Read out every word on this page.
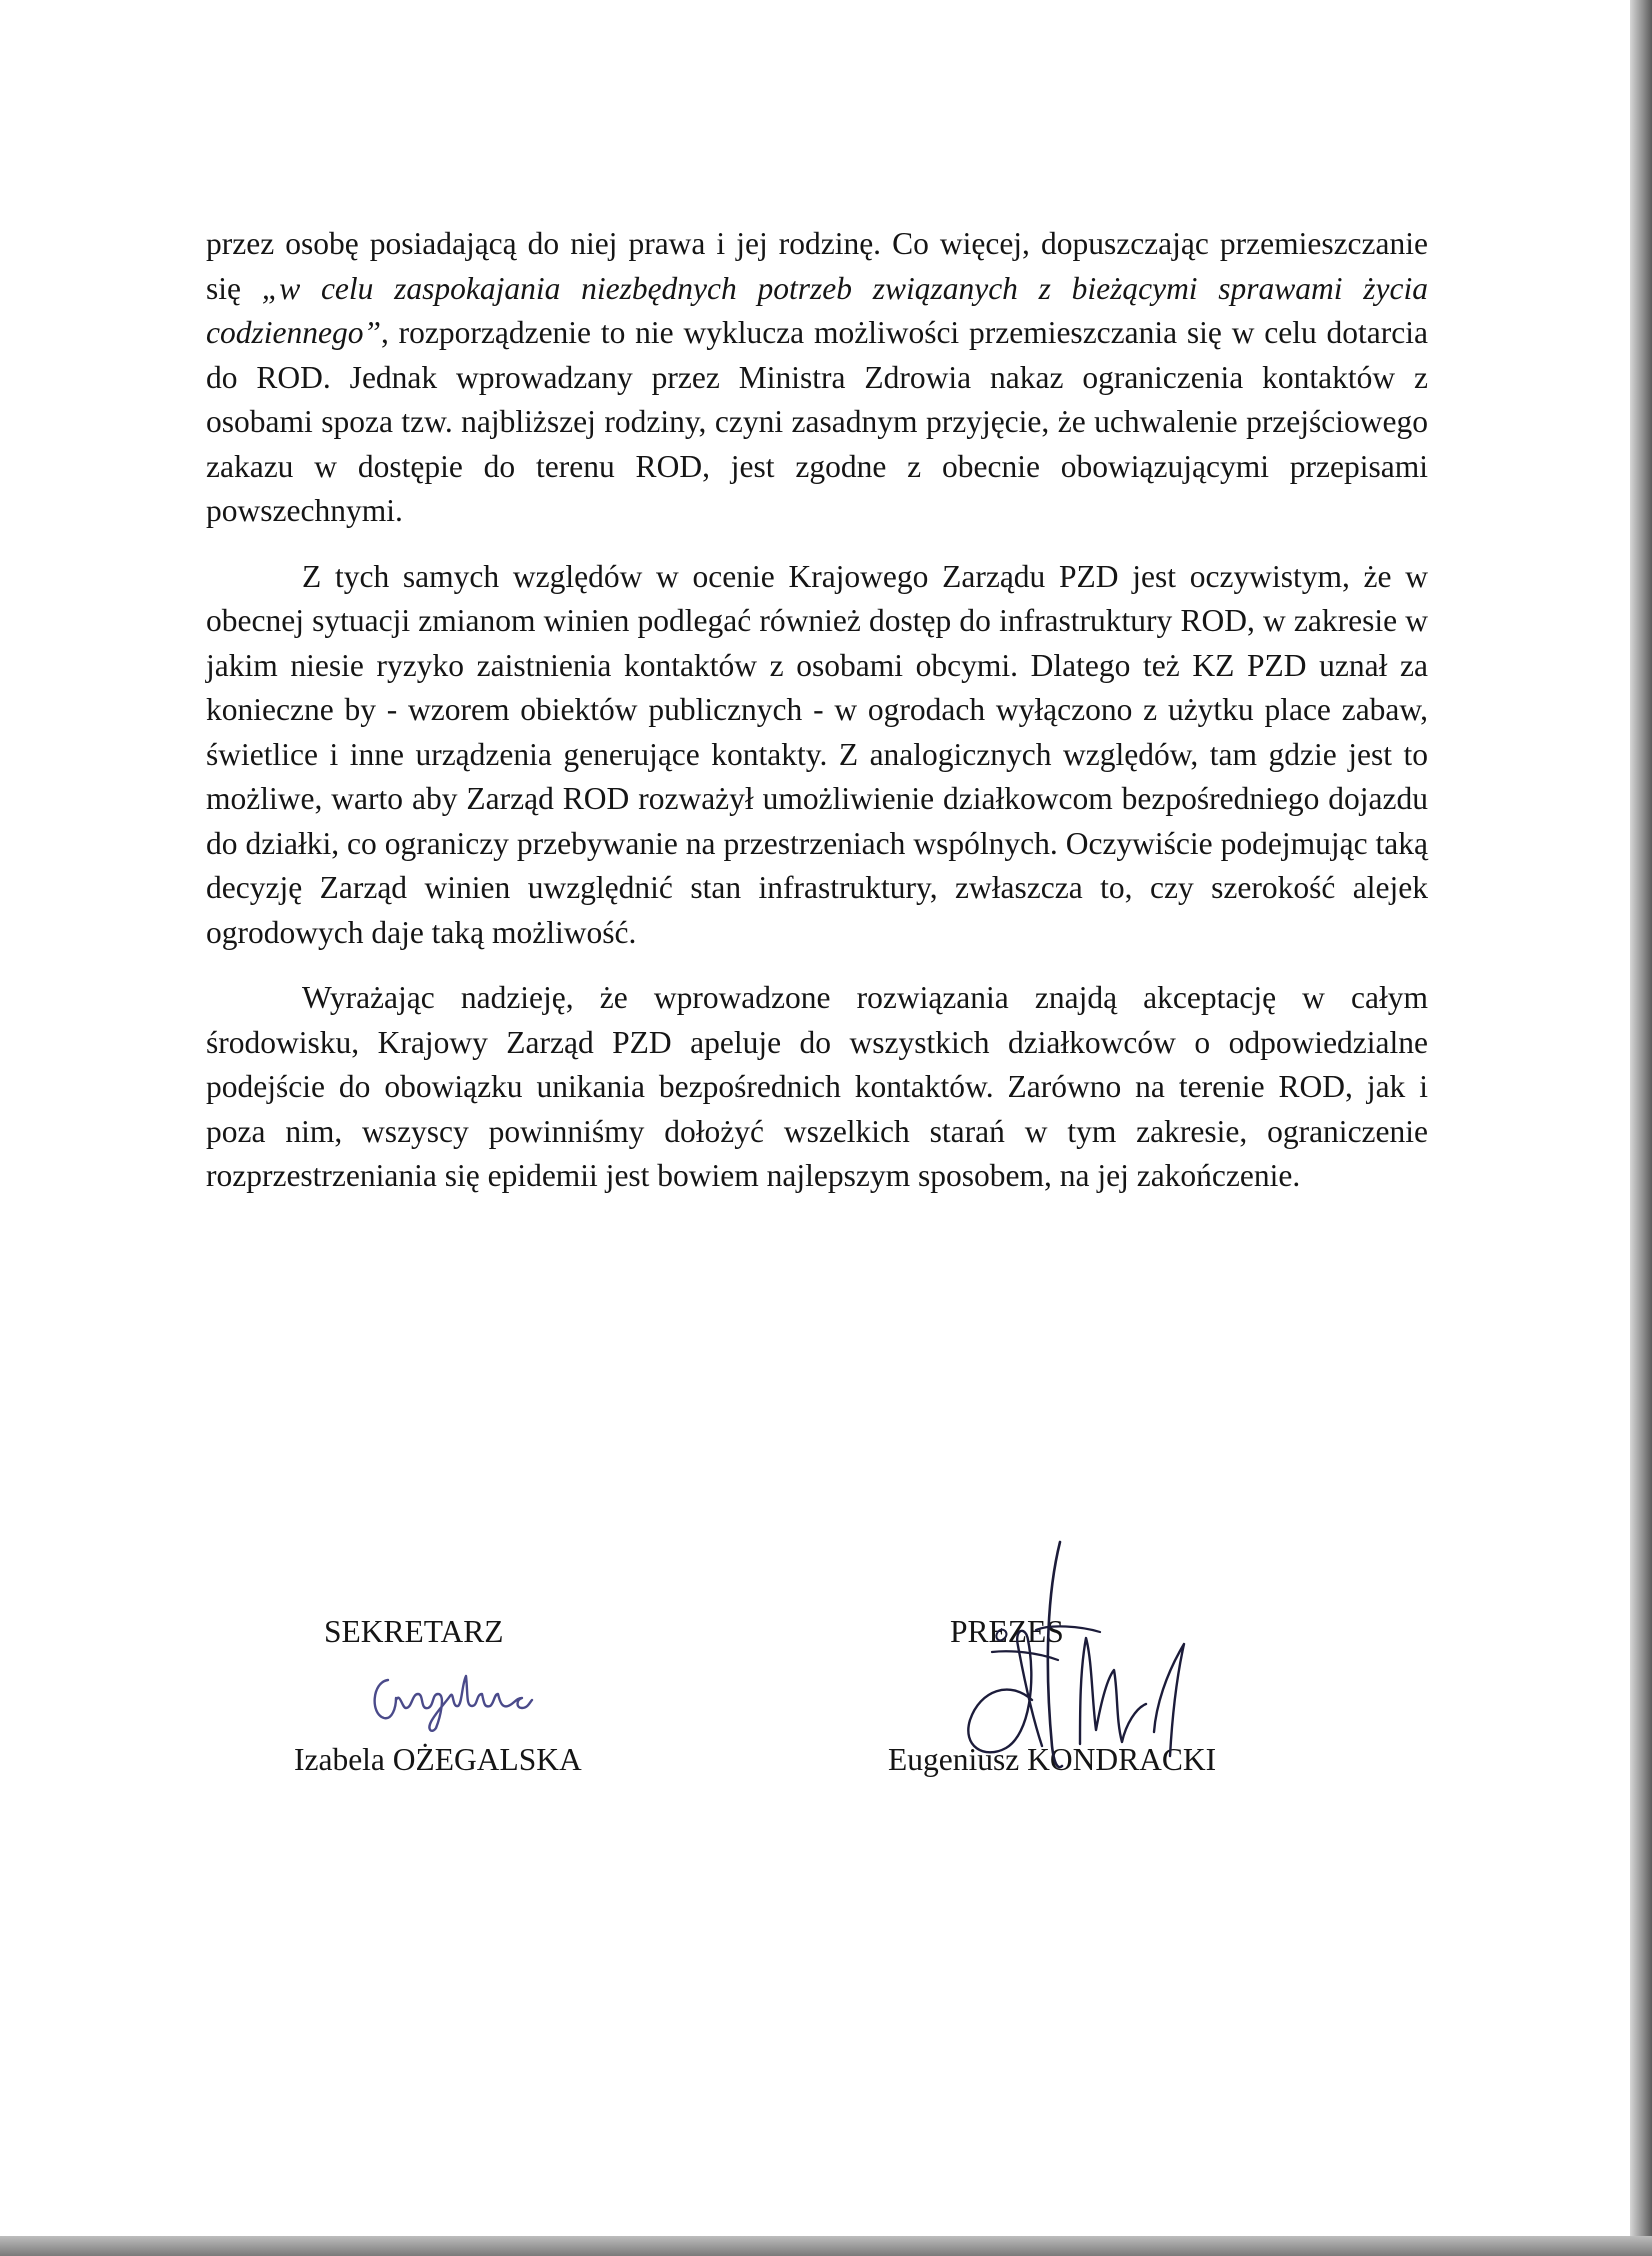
przez osobę posiadającą do niej prawa i jej rodzinę. Co więcej, dopuszczając przemieszczanie się „w celu zaspokajania niezbędnych potrzeb związanych z bieżącymi sprawami życia codziennego”, rozporządzenie to nie wyklucza możliwości przemieszczania się w celu dotarcia do ROD. Jednak wprowadzany przez Ministra Zdrowia nakaz ograniczenia kontaktów z osobami spoza tzw. najbliższej rodziny, czyni zasadnym przyjęcie, że uchwalenie przejściowego zakazu w dostępie do terenu ROD, jest zgodne z obecnie obowiązującymi przepisami powszechnymi.

Z tych samych względów w ocenie Krajowego Zarządu PZD jest oczywistym, że w obecnej sytuacji zmianom winien podlegać również dostęp do infrastruktury ROD, w zakresie w jakim niesie ryzyko zaistnienia kontaktów z osobami obcymi. Dlatego też KZ PZD uznał za konieczne by - wzorem obiektów publicznych - w ogrodach wyłączono z użytku place zabaw, świetlice i inne urządzenia generujące kontakty. Z analogicznych względów, tam gdzie jest to możliwe, warto aby Zarząd ROD rozważył umożliwienie działkowcom bezpośredniego dojazdu do działki, co ograniczy przebywanie na przestrzeniach wspólnych. Oczywiście podejmując taką decyzję Zarząd winien uwzględnić stan infrastruktury, zwłaszcza to, czy szerokość alejek ogrodowych daje taką możliwość.

Wyrażając nadzieję, że wprowadzone rozwiązania znajdą akceptację w całym środowisku, Krajowy Zarząd PZD apeluje do wszystkich działkowców o odpowiedzialne podejście do obowiązku unikania bezpośrednich kontaktów. Zarówno na terenie ROD, jak i poza nim, wszyscy powinniśmy dołożyć wszelkich starań w tym zakresie, ograniczenie rozprzestrzeniania się epidemii jest bowiem najlepszym sposobem, na jej zakończenie.

SEKRETARZ
Izabela OŻEGALSKA
PREZES
Eugeniusz KONDRACKI
